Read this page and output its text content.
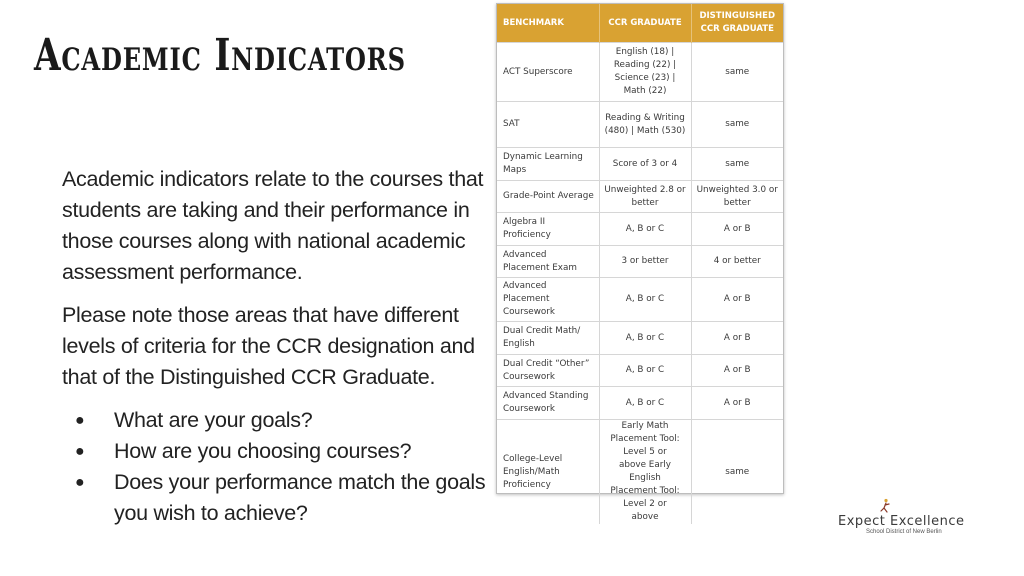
Academic Indicators

Academic indicators relate to the courses that students are taking and their performance in those courses along with national academic assessment performance.

Please note those areas that have different levels of criteria for the CCR designation and that of the Distinguished CCR Graduate.

● What are your goals?
● How are you choosing courses?
● Does your performance match the goals you wish to achieve?
BENCHMARK	CCR GRADUATE	DISTINGUISHED CCR GRADUATE
ACT Superscore	English (18) | Reading (22) | Science (23) | Math (22)	same
SAT	Reading & Writing (480) | Math (530)	same
Dynamic Learning Maps	Score of 3 or 4	same
Grade-Point Average	Unweighted 2.8 or better	Unweighted 3.0 or better
Algebra II Proficiency	A, B or C	A or B
Advanced Placement Exam	3 or better	4 or better
Advanced Placement Coursework	A, B or C	A or B
Dual Credit Math/ English	A, B or C	A or B
Dual Credit “Other” Coursework	A, B or C	A or B
Advanced Standing Coursework	A, B or C	A or B
College-Level English/Math Proficiency	Early Math Placement Tool: Level 5 or above Early English Placement Tool: Level 2 or above	same
Expect Excellence
School District of New Berlin
